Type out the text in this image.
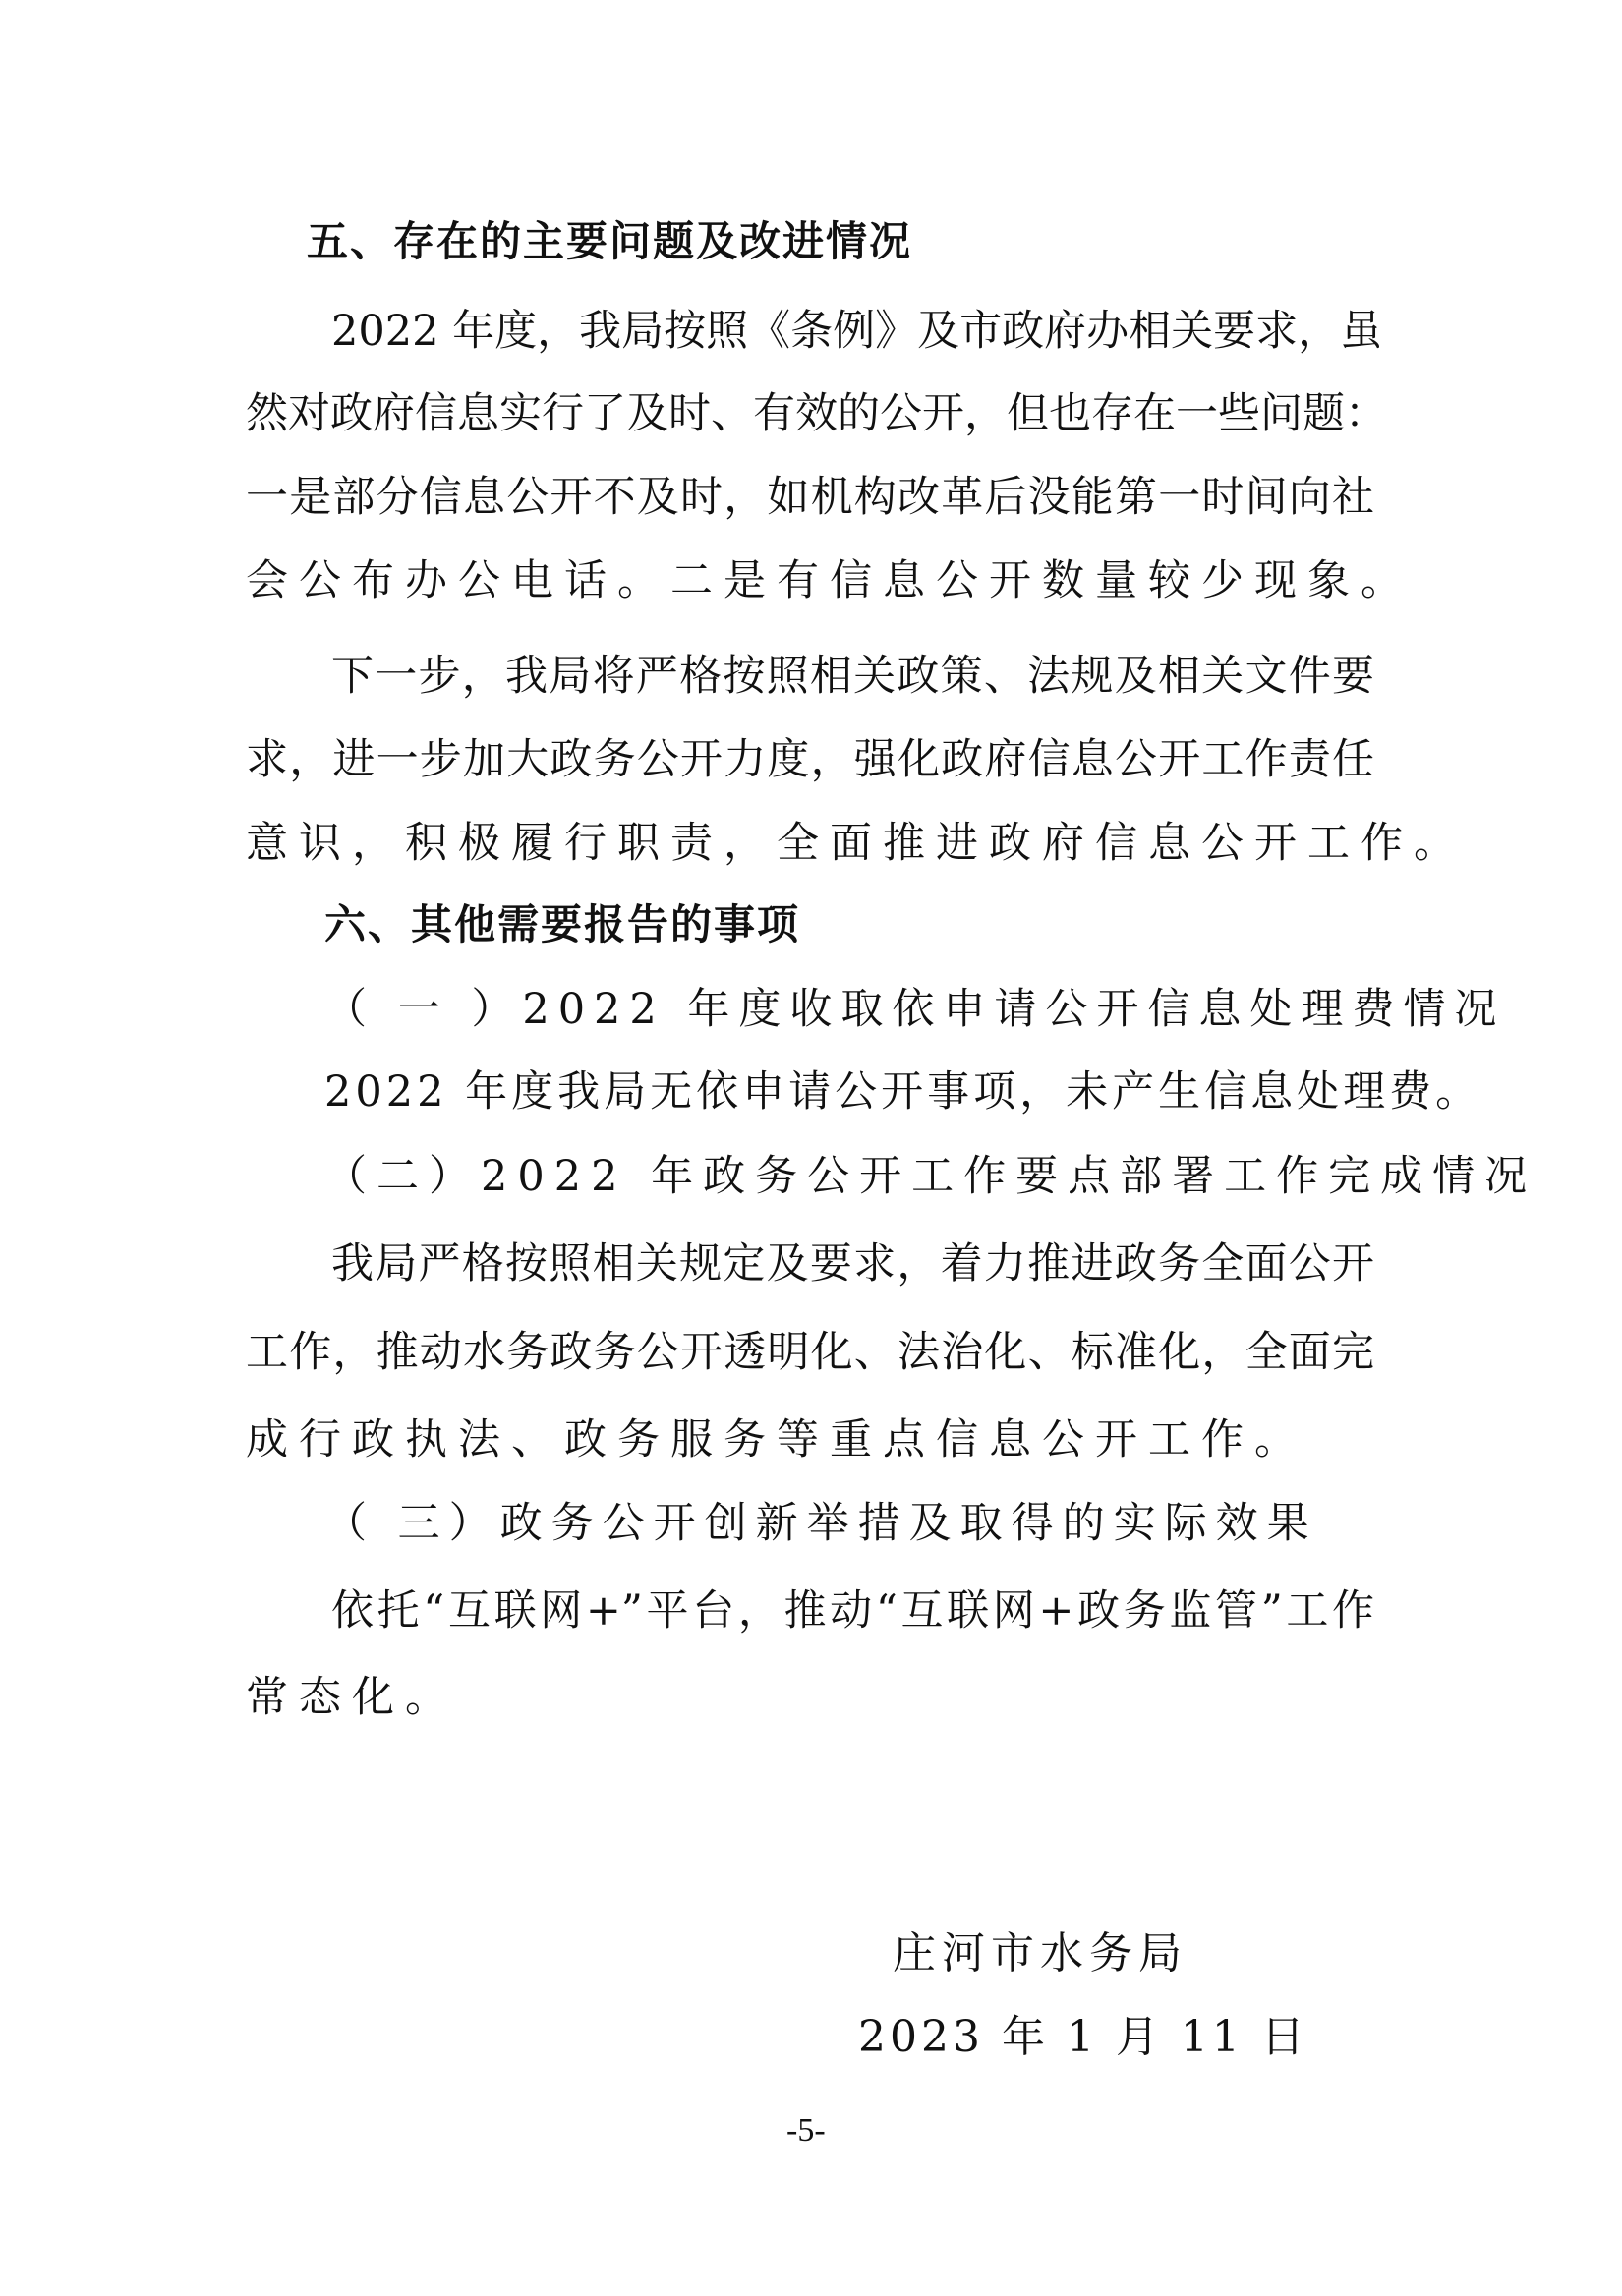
五、存在的主要问题及改进情况
2022 年度，我局按照《条例》及市政府办相关要求，虽
然对政府信息实行了及时、有效的公开，但也存在一些问题：
一是部分信息公开不及时，如机构改革后没能第一时间向社
会公布办公电话。二是有信息公开数量较少现象。
下一步，我局将严格按照相关政策、法规及相关文件要
求，进一步加大政务公开力度，强化政府信息公开工作责任
意识，积极履行职责，全面推进政府信息公开工作。
六、其他需要报告的事项
（ 一 ）2022 年度收取依申请公开信息处理费情况
2022 年度我局无依申请公开事项，未产生信息处理费。
（二）2022 年政务公开工作要点部署工作完成情况
我局严格按照相关规定及要求，着力推进政务全面公开
工作，推动水务政务公开透明化、法治化、标准化，全面完
成行政执法、政务服务等重点信息公开工作。
（ 三）政务公开创新举措及取得的实际效果
依托“互联网+”平台，推动“互联网+政务监管”工作
常态化。
庄河市水务局
2023 年 1 月 11 日
-5-
